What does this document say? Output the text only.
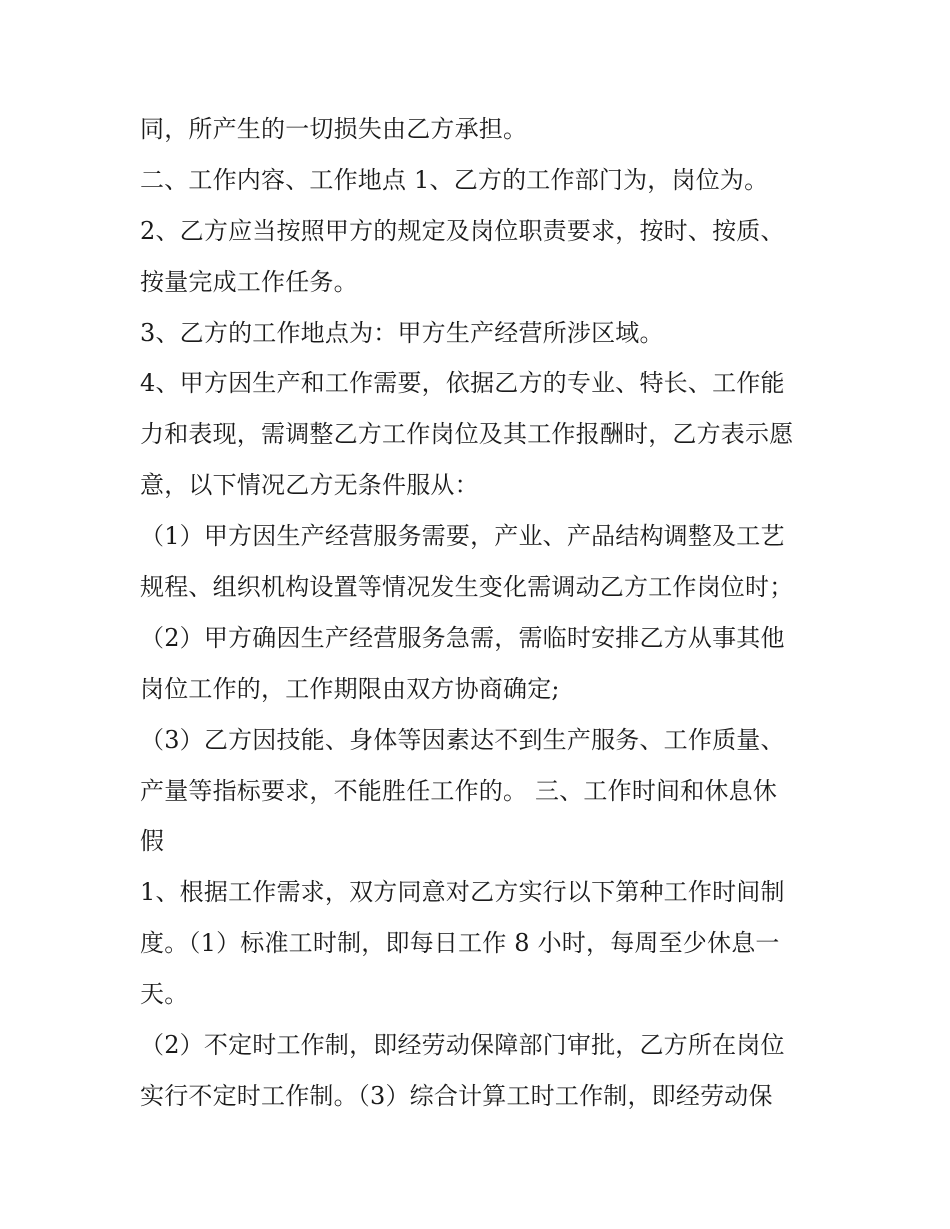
同，所产生的一切损失由乙方承担。
二、工作内容、工作地点 1、乙方的工作部门为，岗位为。
2、乙方应当按照甲方的规定及岗位职责要求，按时、按质、
按量完成工作任务。
3、乙方的工作地点为：甲方生产经营所涉区域。
4、甲方因生产和工作需要，依据乙方的专业、特长、工作能
力和表现，需调整乙方工作岗位及其工作报酬时，乙方表示愿
意，以下情况乙方无条件服从：
（1）甲方因生产经营服务需要，产业、产品结构调整及工艺
规程、组织机构设置等情况发生变化需调动乙方工作岗位时；
（2）甲方确因生产经营服务急需，需临时安排乙方从事其他
岗位工作的，工作期限由双方协商确定;
（3）乙方因技能、身体等因素达不到生产服务、工作质量、
产量等指标要求，不能胜任工作的。 三、工作时间和休息休
假
1、根据工作需求，双方同意对乙方实行以下第种工作时间制
度。（1）标准工时制，即每日工作 8 小时，每周至少休息一
天。
（2）不定时工作制，即经劳动保障部门审批，乙方所在岗位
实行不定时工作制。（3）综合计算工时工作制，即经劳动保
